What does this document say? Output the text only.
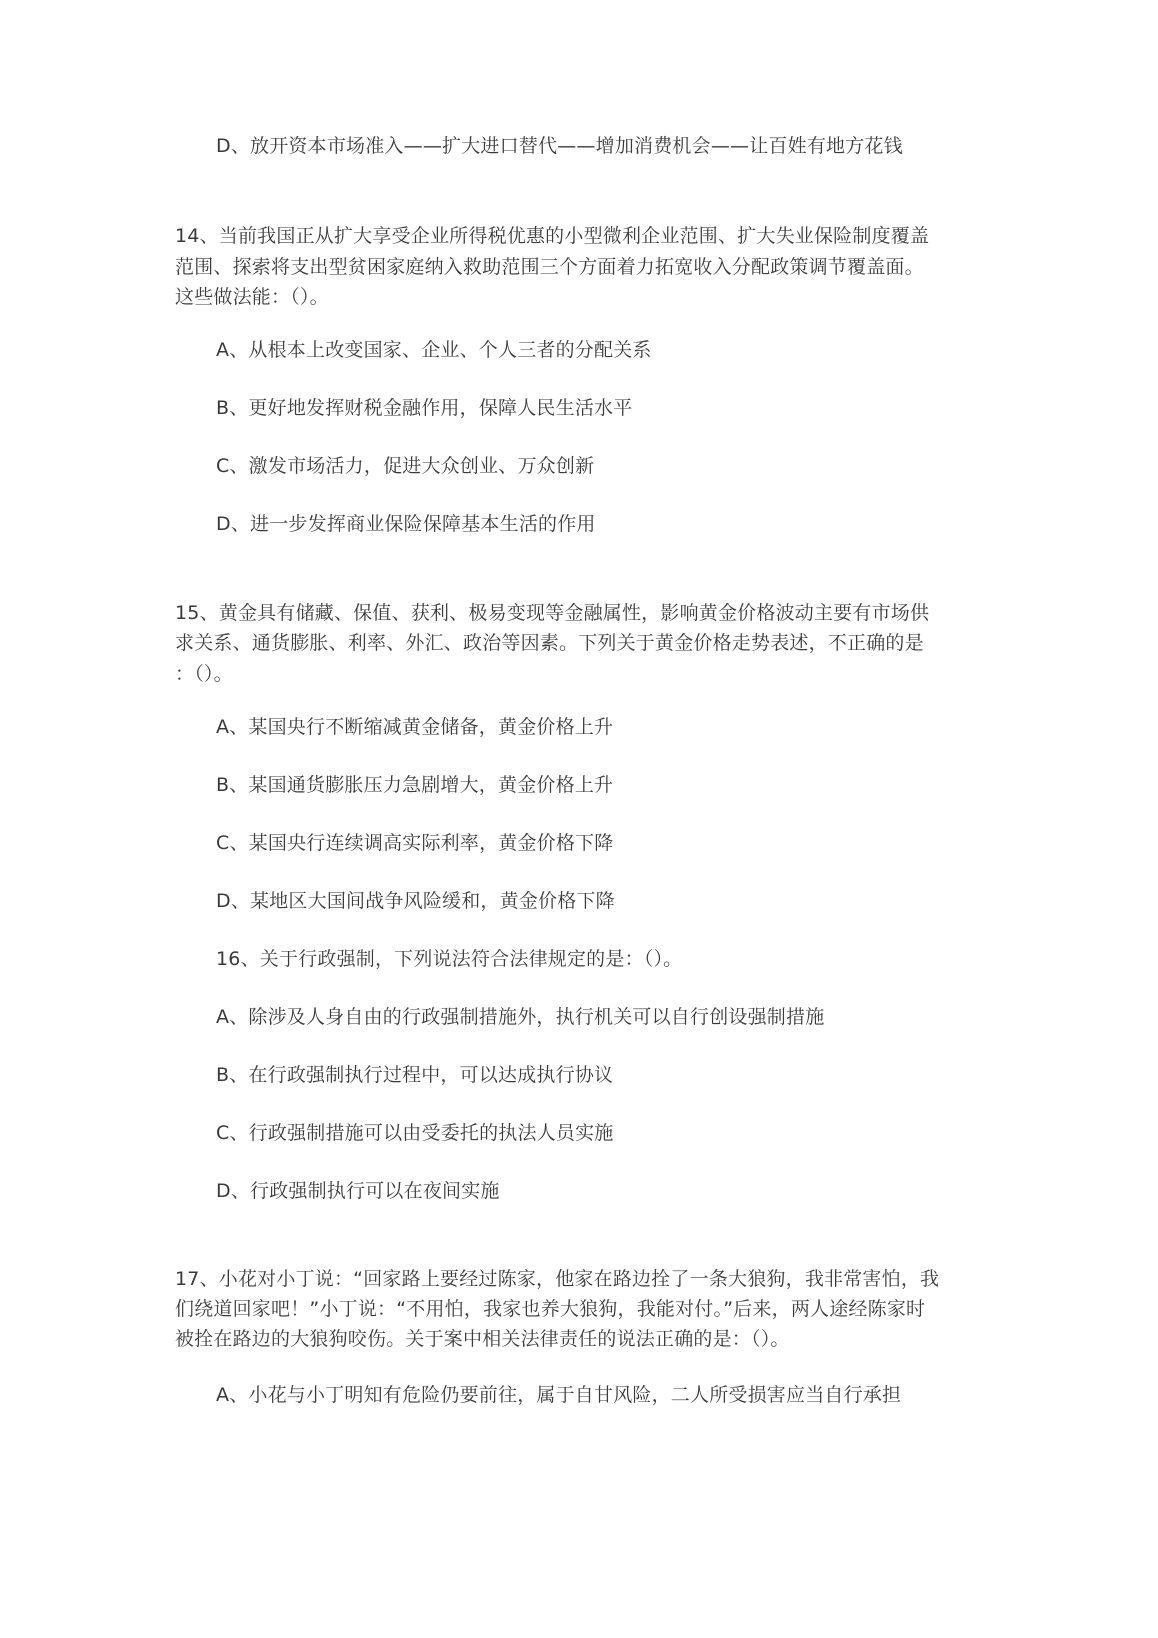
D、放开资本市场准入——扩大进口替代——增加消费机会——让百姓有地方花钱

14、当前我国正从扩大享受企业所得税优惠的小型微利企业范围、扩大失业保险制度覆盖

范围、探索将支出型贫困家庭纳入救助范围三个方面着力拓宽收入分配政策调节覆盖面。

这些做法能：（）。

A、从根本上改变国家、企业、个人三者的分配关系

B、更好地发挥财税金融作用，保障人民生活水平

C、激发市场活力，促进大众创业、万众创新

D、进一步发挥商业保险保障基本生活的作用

15、黄金具有储藏、保值、获利、极易变现等金融属性，影响黄金价格波动主要有市场供

求关系、通货膨胀、利率、外汇、政治等因素。下列关于黄金价格走势表述，不正确的是

：（）。

A、某国央行不断缩减黄金储备，黄金价格上升

B、某国通货膨胀压力急剧增大，黄金价格上升

C、某国央行连续调高实际利率，黄金价格下降

D、某地区大国间战争风险缓和，黄金价格下降

16、关于行政强制，下列说法符合法律规定的是：（）。

A、除涉及人身自由的行政强制措施外，执行机关可以自行创设强制措施

B、在行政强制执行过程中，可以达成执行协议

C、行政强制措施可以由受委托的执法人员实施

D、行政强制执行可以在夜间实施

17、小花对小丁说：“回家路上要经过陈家，他家在路边拴了一条大狼狗，我非常害怕，我

们绕道回家吧！”小丁说：“不用怕，我家也养大狼狗，我能对付。”后来，两人途经陈家时

被拴在路边的大狼狗咬伤。关于案中相关法律责任的说法正确的是：（）。

A、小花与小丁明知有危险仍要前往，属于自甘风险，二人所受损害应当自行承担
